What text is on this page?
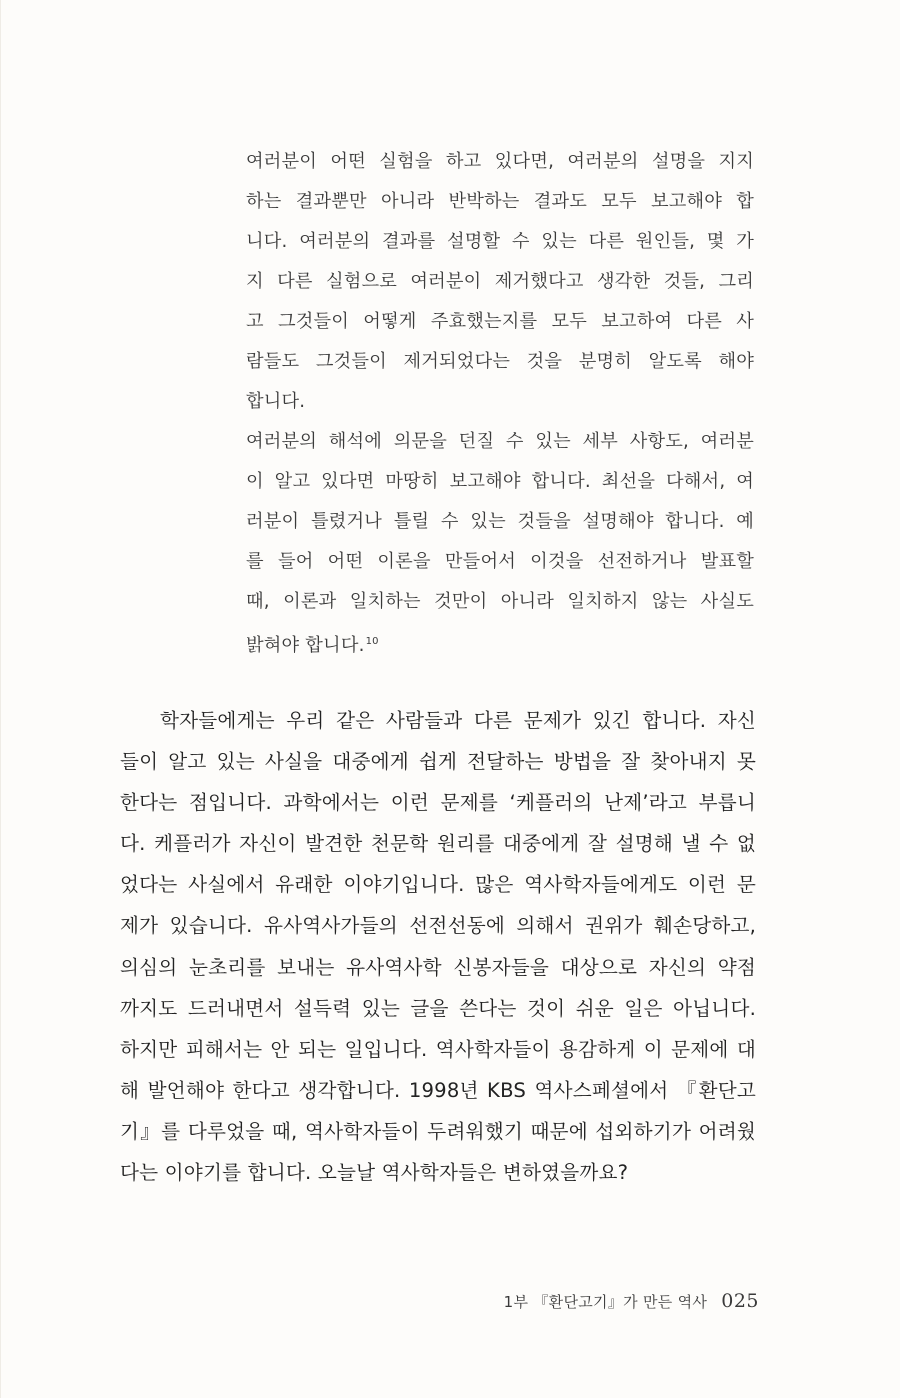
여러분이 어떤 실험을 하고 있다면, 여러분의 설명을 지지
하는 결과뿐만 아니라 반박하는 결과도 모두 보고해야 합
니다. 여러분의 결과를 설명할 수 있는 다른 원인들, 몇 가
지 다른 실험으로 여러분이 제거했다고 생각한 것들, 그리
고 그것들이 어떻게 주효했는지를 모두 보고하여 다른 사
람들도 그것들이 제거되었다는 것을 분명히 알도록 해야
합니다.
여러분의 해석에 의문을 던질 수 있는 세부 사항도, 여러분
이 알고 있다면 마땅히 보고해야 합니다. 최선을 다해서, 여
러분이 틀렸거나 틀릴 수 있는 것들을 설명해야 합니다. 예
를 들어 어떤 이론을 만들어서 이것을 선전하거나 발표할
때, 이론과 일치하는 것만이 아니라 일치하지 않는 사실도
밝혀야 합니다.$^{10}$
학자들에게는 우리 같은 사람들과 다른 문제가 있긴 합니다. 자신
들이 알고 있는 사실을 대중에게 쉽게 전달하는 방법을 잘 찾아내지 못
한다는 점입니다. 과학에서는 이런 문제를 ‘케플러의 난제’라고 부릅니
다. 케플러가 자신이 발견한 천문학 원리를 대중에게 잘 설명해 낼 수 없
었다는 사실에서 유래한 이야기입니다. 많은 역사학자들에게도 이런 문
제가 있습니다. 유사역사가들의 선전선동에 의해서 권위가 훼손당하고,
의심의 눈초리를 보내는 유사역사학 신봉자들을 대상으로 자신의 약점
까지도 드러내면서 설득력 있는 글을 쓴다는 것이 쉬운 일은 아닙니다.
하지만 피해서는 안 되는 일입니다. 역사학자들이 용감하게 이 문제에 대
해 발언해야 한다고 생각합니다. 1998년 KBS 역사스페셜에서 『환단고
기』를 다루었을 때, 역사학자들이 두려워했기 때문에 섭외하기가 어려웠
다는 이야기를 합니다. 오늘날 역사학자들은 변하였을까요?
1부 『환단고기』가 만든 역사 025
